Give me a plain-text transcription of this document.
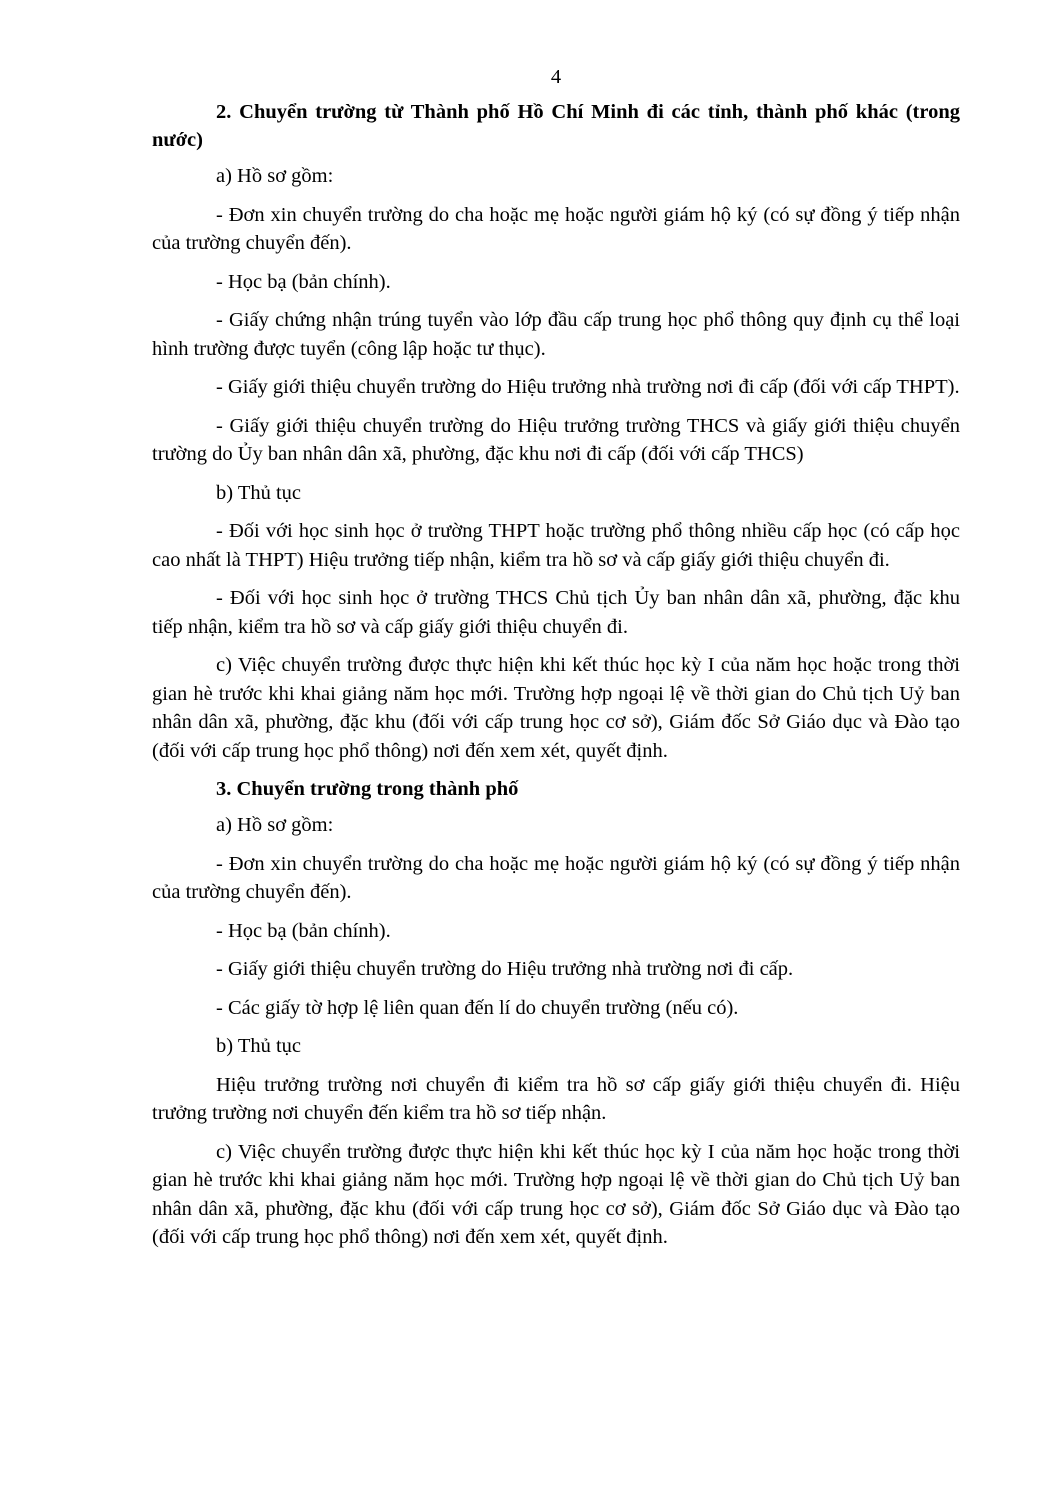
4

2. Chuyển trường từ Thành phố Hồ Chí Minh đi các tỉnh, thành phố khác (trong nước)

a) Hồ sơ gồm:

- Đơn xin chuyển trường do cha hoặc mẹ hoặc người giám hộ ký (có sự đồng ý tiếp nhận của trường chuyển đến).

- Học bạ (bản chính).

- Giấy chứng nhận trúng tuyển vào lớp đầu cấp trung học phổ thông quy định cụ thể loại hình trường được tuyển (công lập hoặc tư thục).

- Giấy giới thiệu chuyển trường do Hiệu trưởng nhà trường nơi đi cấp (đối với cấp THPT).

- Giấy giới thiệu chuyển trường do Hiệu trưởng trường THCS và giấy giới thiệu chuyển trường do Ủy ban nhân dân xã, phường, đặc khu nơi đi cấp (đối với cấp THCS)

b) Thủ tục

- Đối với học sinh học ở trường THPT hoặc trường phổ thông nhiều cấp học (có cấp học cao nhất là THPT) Hiệu trưởng tiếp nhận, kiểm tra hồ sơ và cấp giấy giới thiệu chuyển đi.

- Đối với học sinh học ở trường THCS Chủ tịch Ủy ban nhân dân xã, phường, đặc khu tiếp nhận, kiểm tra hồ sơ và cấp giấy giới thiệu chuyển đi.

c) Việc chuyển trường được thực hiện khi kết thúc học kỳ I của năm học hoặc trong thời gian hè trước khi khai giảng năm học mới. Trường hợp ngoại lệ về thời gian do Chủ tịch Uỷ ban nhân dân xã, phường, đặc khu (đối với cấp trung học cơ sở), Giám đốc Sở Giáo dục và Đào tạo (đối với cấp trung học phổ thông) nơi đến xem xét, quyết định.

3. Chuyển trường trong thành phố

a) Hồ sơ gồm:

- Đơn xin chuyển trường do cha hoặc mẹ hoặc người giám hộ ký (có sự đồng ý tiếp nhận của trường chuyển đến).

- Học bạ (bản chính).

- Giấy giới thiệu chuyển trường do Hiệu trưởng nhà trường nơi đi cấp.

- Các giấy tờ hợp lệ liên quan đến lí do chuyển trường (nếu có).

b) Thủ tục

Hiệu trưởng trường nơi chuyển đi kiểm tra hồ sơ cấp giấy giới thiệu chuyển đi. Hiệu trưởng trường nơi chuyển đến kiểm tra hồ sơ tiếp nhận.

c) Việc chuyển trường được thực hiện khi kết thúc học kỳ I của năm học hoặc trong thời gian hè trước khi khai giảng năm học mới. Trường hợp ngoại lệ về thời gian do Chủ tịch Uỷ ban nhân dân xã, phường, đặc khu (đối với cấp trung học cơ sở), Giám đốc Sở Giáo dục và Đào tạo (đối với cấp trung học phổ thông) nơi đến xem xét, quyết định.
